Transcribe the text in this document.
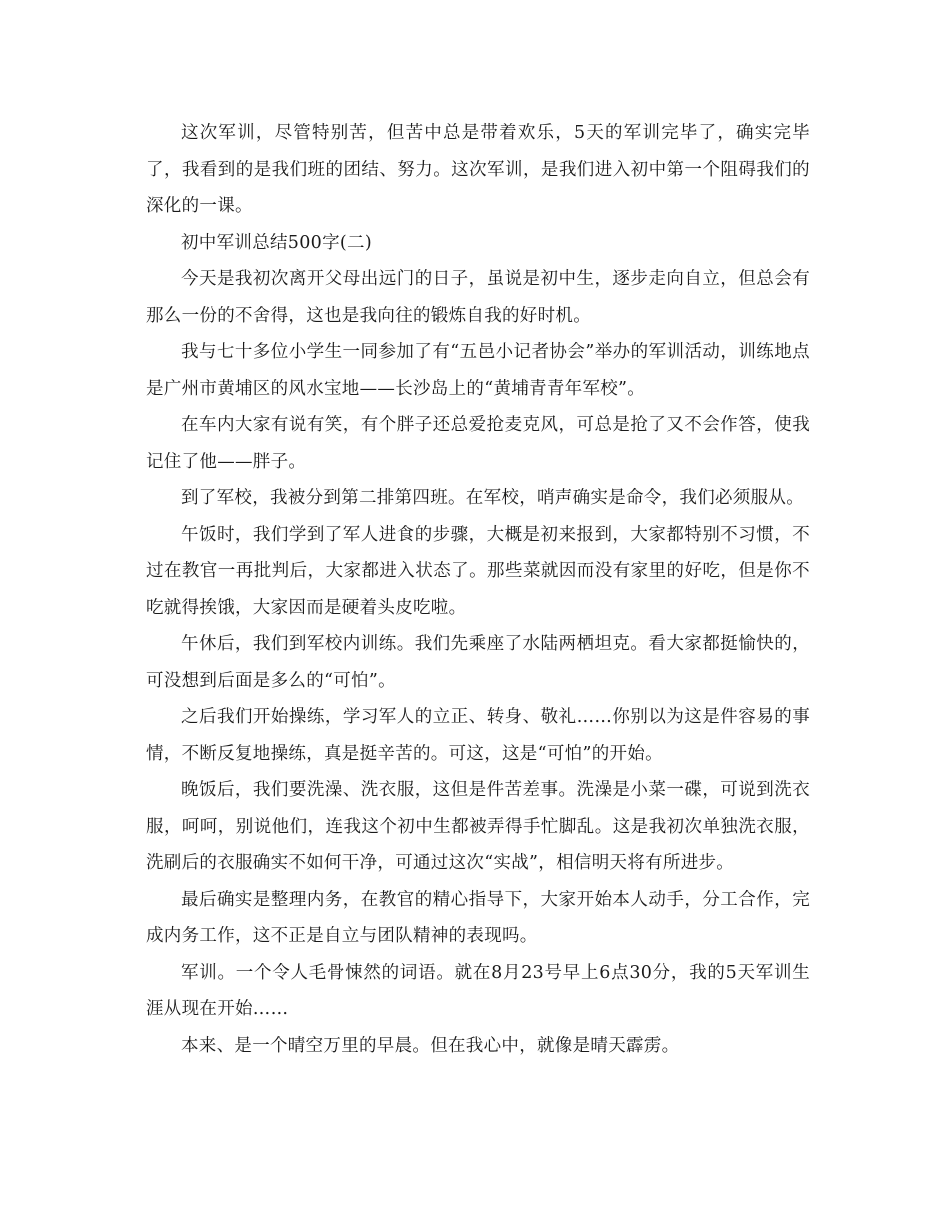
这次军训，尽管特别苦，但苦中总是带着欢乐，5天的军训完毕了，确实完毕了，我看到的是我们班的团结、努力。这次军训，是我们进入初中第一个阻碍我们的深化的一课。

初中军训总结500字(二)

今天是我初次离开父母出远门的日子，虽说是初中生，逐步走向自立，但总会有那么一份的不舍得，这也是我向往的锻炼自我的好时机。

我与七十多位小学生一同参加了有“五邑小记者协会”举办的军训活动，训练地点是广州市黄埔区的风水宝地——长沙岛上的“黄埔青青年军校”。

在车内大家有说有笑，有个胖子还总爱抢麦克风，可总是抢了又不会作答，使我记住了他——胖子。

到了军校，我被分到第二排第四班。在军校，哨声确实是命令，我们必须服从。

午饭时，我们学到了军人进食的步骤，大概是初来报到，大家都特别不习惯，不过在教官一再批判后，大家都进入状态了。那些菜就因而没有家里的好吃，但是你不吃就得挨饿，大家因而是硬着头皮吃啦。

午休后，我们到军校内训练。我们先乘座了水陆两栖坦克。看大家都挺愉快的，可没想到后面是多么的“可怕”。

之后我们开始操练，学习军人的立正、转身、敬礼……你别以为这是件容易的事情，不断反复地操练，真是挺辛苦的。可这，这是“可怕”的开始。

晚饭后，我们要洗澡、洗衣服，这但是件苦差事。洗澡是小菜一碟，可说到洗衣服，呵呵，别说他们，连我这个初中生都被弄得手忙脚乱。这是我初次单独洗衣服，洗刷后的衣服确实不如何干净，可通过这次“实战”，相信明天将有所进步。

最后确实是整理内务，在教官的精心指导下，大家开始本人动手，分工合作，完成内务工作，这不正是自立与团队精神的表现吗。

军训。一个令人毛骨悚然的词语。就在8月23号早上6点30分，我的5天军训生涯从现在开始……

本来、是一个晴空万里的早晨。但在我心中，就像是晴天霹雳。
